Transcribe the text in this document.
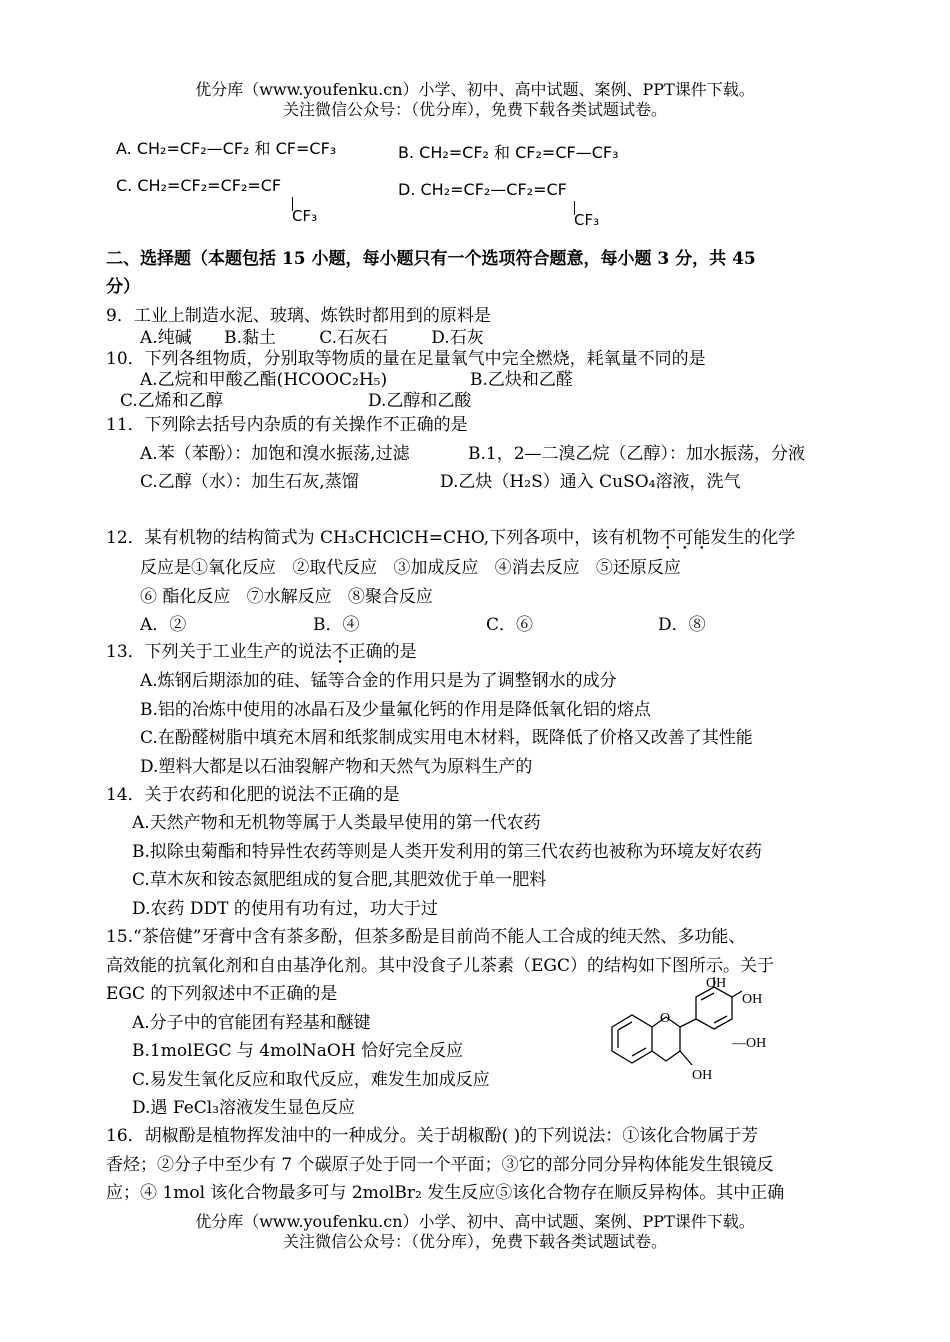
优分库（www.youfenku.cn）小学、初中、高中试题、案例、PPT课件下载。
关注微信公众号：（优分库），免费下载各类试题试卷。
A. CH₂=CF₂—CF₂ 和 CF=CF₃	B. CH₂=CF₂ 和 CF₂=CF—CF₃
C. CH₂=CF₂=CF₂=CF
CF₃
D. CH₂=CF₂—CF₂=CF
CF₃
二、选择题（本题包括 15 小题，每小题只有一个选项符合题意，每小题 3 分，共 45
分）
9．工业上制造水泥、玻璃、炼铁时都用到的原料是
A.纯碱      B.黏土        C.石灰石        D.石灰
10．下列各组物质，分别取等物质的量在足量氧气中完全燃烧，耗氧量不同的是
A.乙烷和甲酸乙酯(HCOOC₂H₅)	B.乙炔和乙醛
C.乙烯和乙醇	D.乙醇和乙酸
11．下列除去括号内杂质的有关操作不正确的是
A.苯（苯酚）：加饱和溴水振荡,过滤	B.1，2—二溴乙烷（乙醇）：加水振荡，分液
C.乙醇（水）：加生石灰,蒸馏	D.乙炔（H₂S）通入 CuSO₄溶液，洗气
12．某有机物的结构简式为 CH₃CHClCH=CHO,下列各项中，该有机物不可能发生的化学
反应是①氧化反应   ②取代反应   ③加成反应   ④消去反应   ⑤还原反应
⑥ 酯化反应   ⑦水解反应   ⑧聚合反应
A．②	B．④	C．⑥	D．⑧
13．下列关于工业生产的说法不正确的是
A.炼钢后期添加的硅、锰等合金的作用只是为了调整钢水的成分
B.铝的冶炼中使用的冰晶石及少量氟化钙的作用是降低氧化铝的熔点
C.在酚醛树脂中填充木屑和纸浆制成实用电木材料，既降低了价格又改善了其性能
D.塑料大都是以石油裂解产物和天然气为原料生产的
14．关于农药和化肥的说法不正确的是
A.天然产物和无机物等属于人类最早使用的第一代农药
B.拟除虫菊酯和特异性农药等则是人类开发利用的第三代农药也被称为环境友好农药
C.草木灰和铵态氮肥组成的复合肥,其肥效优于单一肥料
D.农药 DDT 的使用有功有过，功大于过
15.“茶倍健”牙膏中含有茶多酚，但茶多酚是目前尚不能人工合成的纯天然、多功能、
高效能的抗氧化剂和自由基净化剂。其中没食子儿茶素（EGC）的结构如下图所示。关于
EGC 的下列叙述中不正确的是
A.分子中的官能团有羟基和醚键
B.1molEGC 与 4molNaOH 恰好完全反应
C.易发生氧化反应和取代反应，难发生加成反应
D.遇 FeCl₃溶液发生显色反应
O
OH
OH
—OH
OH
16．胡椒酚是植物挥发油中的一种成分。关于胡椒酚( )的下列说法：①该化合物属于芳
香烃；②分子中至少有 7 个碳原子处于同一个平面；③它的部分同分异构体能发生银镜反
应；④ 1mol 该化合物最多可与 2molBr₂ 发生反应⑤该化合物存在顺反异构体。其中正确
优分库（www.youfenku.cn）小学、初中、高中试题、案例、PPT课件下载。
关注微信公众号：（优分库），免费下载各类试题试卷。
